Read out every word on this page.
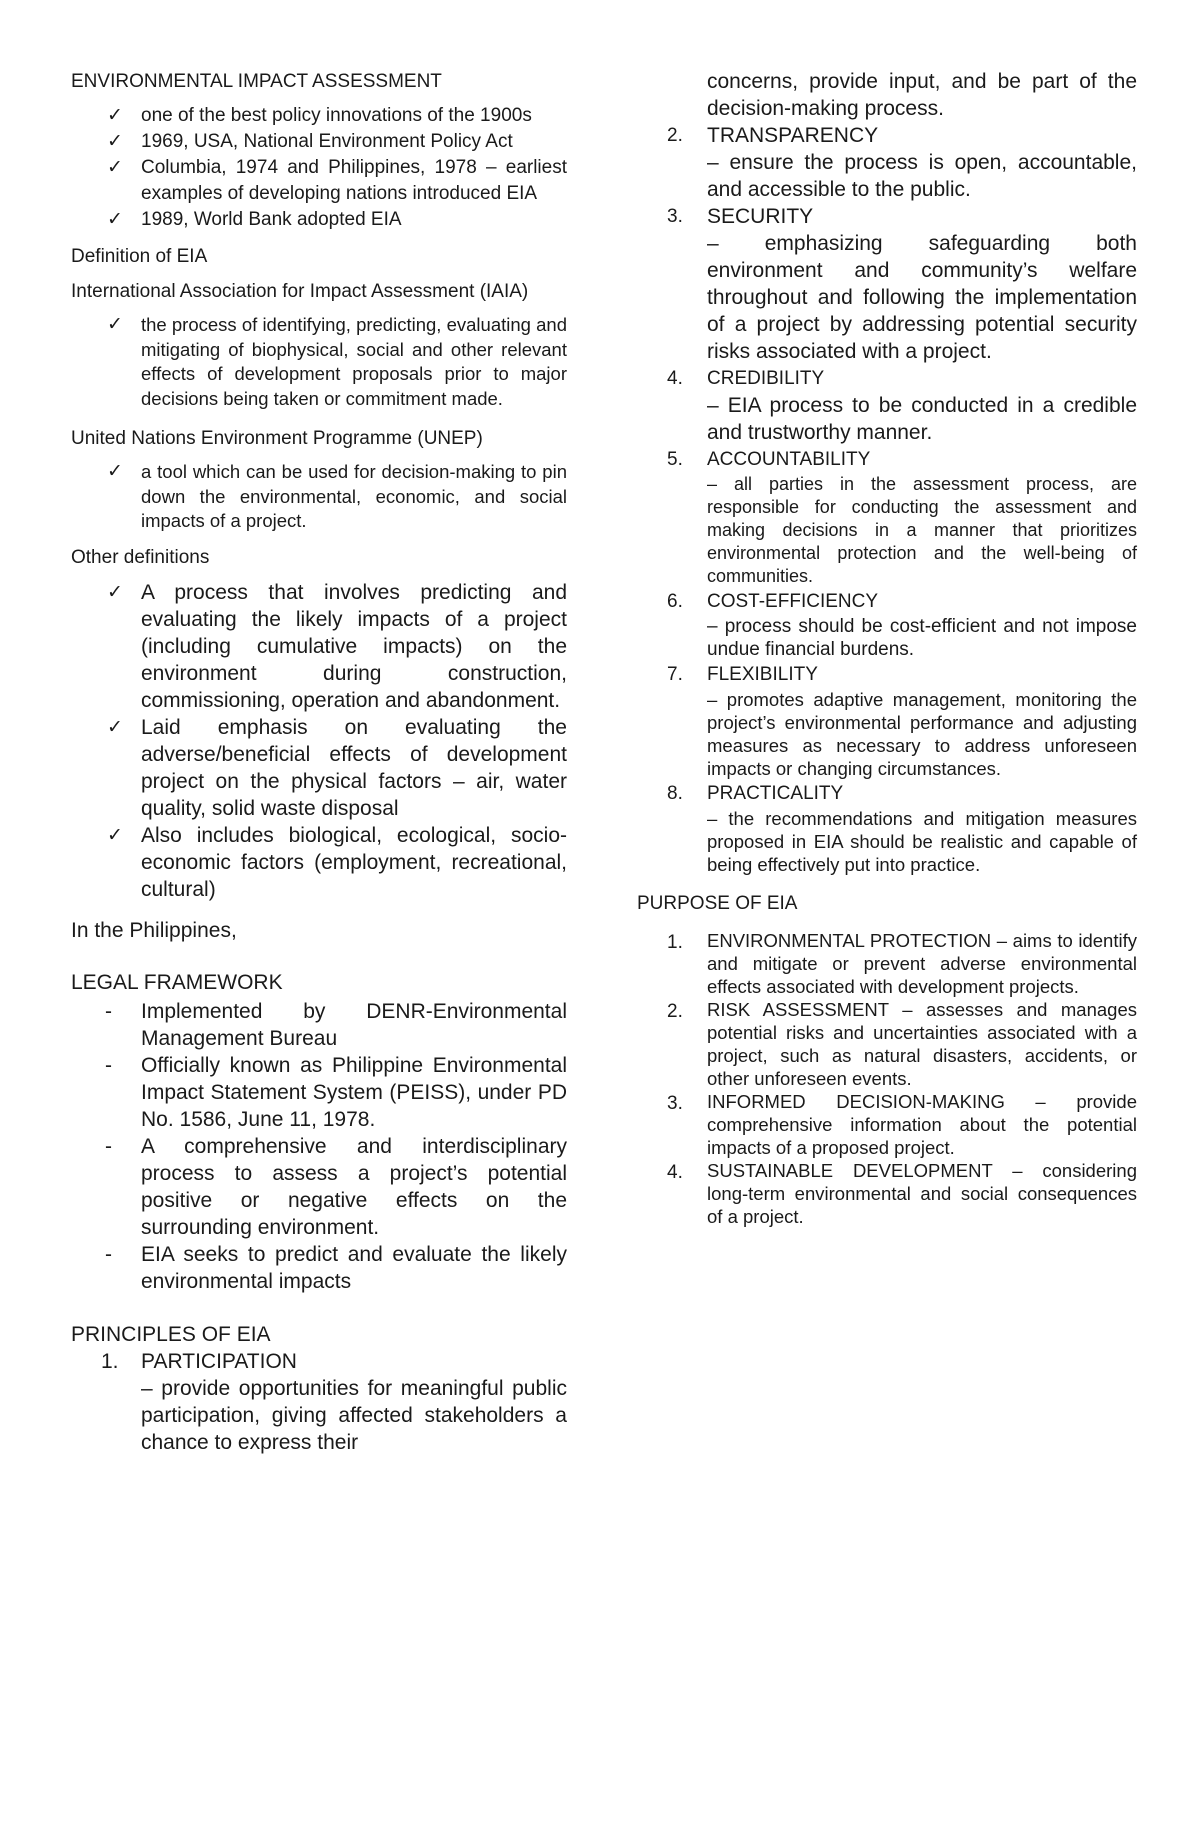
ENVIRONMENTAL IMPACT ASSESSMENT

✓ one of the best policy innovations of the 1900s
✓ 1969, USA, National Environment Policy Act
✓ Columbia, 1974 and Philippines, 1978 – earliest examples of developing nations introduced EIA
✓ 1989, World Bank adopted EIA

Definition of EIA

International Association for Impact Assessment (IAIA)

✓ the process of identifying, predicting, evaluating and mitigating of biophysical, social and other relevant effects of development proposals prior to major decisions being taken or commitment made.

United Nations Environment Programme (UNEP)

✓ a tool which can be used for decision-making to pin down the environmental, economic, and social impacts of a project.

Other definitions

✓ A process that involves predicting and evaluating the likely impacts of a project (including cumulative impacts) on the environment during construction, commissioning, operation and abandonment.
✓ Laid emphasis on evaluating the adverse/beneficial effects of development project on the physical factors – air, water quality, solid waste disposal
✓ Also includes biological, ecological, socio-economic factors (employment, recreational, cultural)

In the Philippines,

LEGAL FRAMEWORK

- Implemented by DENR-Environmental Management Bureau
- Officially known as Philippine Environmental Impact Statement System (PEISS), under PD No. 1586, June 11, 1978.
- A comprehensive and interdisciplinary process to assess a project’s potential positive or negative effects on the surrounding environment.
- EIA seeks to predict and evaluate the likely environmental impacts

PRINCIPLES OF EIA

1. PARTICIPATION
– provide opportunities for meaningful public participation, giving affected stakeholders a chance to express their

concerns, provide input, and be part of the decision-making process.

2. TRANSPARENCY
– ensure the process is open, accountable, and accessible to the public.
3. SECURITY
– emphasizing safeguarding both environment and community’s welfare throughout and following the implementation of a project by addressing potential security risks associated with a project.
4. CREDIBILITY
– EIA process to be conducted in a credible and trustworthy manner.
5. ACCOUNTABILITY
– all parties in the assessment process, are responsible for conducting the assessment and making decisions in a manner that prioritizes environmental protection and the well-being of communities.
6. COST-EFFICIENCY
– process should be cost-efficient and not impose undue financial burdens.
7. FLEXIBILITY
– promotes adaptive management, monitoring the project’s environmental performance and adjusting measures as necessary to address unforeseen impacts or changing circumstances.
8. PRACTICALITY
– the recommendations and mitigation measures proposed in EIA should be realistic and capable of being effectively put into practice.

PURPOSE OF EIA

1. ENVIRONMENTAL PROTECTION – aims to identify and mitigate or prevent adverse environmental effects associated with development projects.
2. RISK ASSESSMENT – assesses and manages potential risks and uncertainties associated with a project, such as natural disasters, accidents, or other unforeseen events.
3. INFORMED DECISION-MAKING – provide comprehensive information about the potential impacts of a proposed project.
4. SUSTAINABLE DEVELOPMENT – considering long-term environmental and social consequences of a project.
